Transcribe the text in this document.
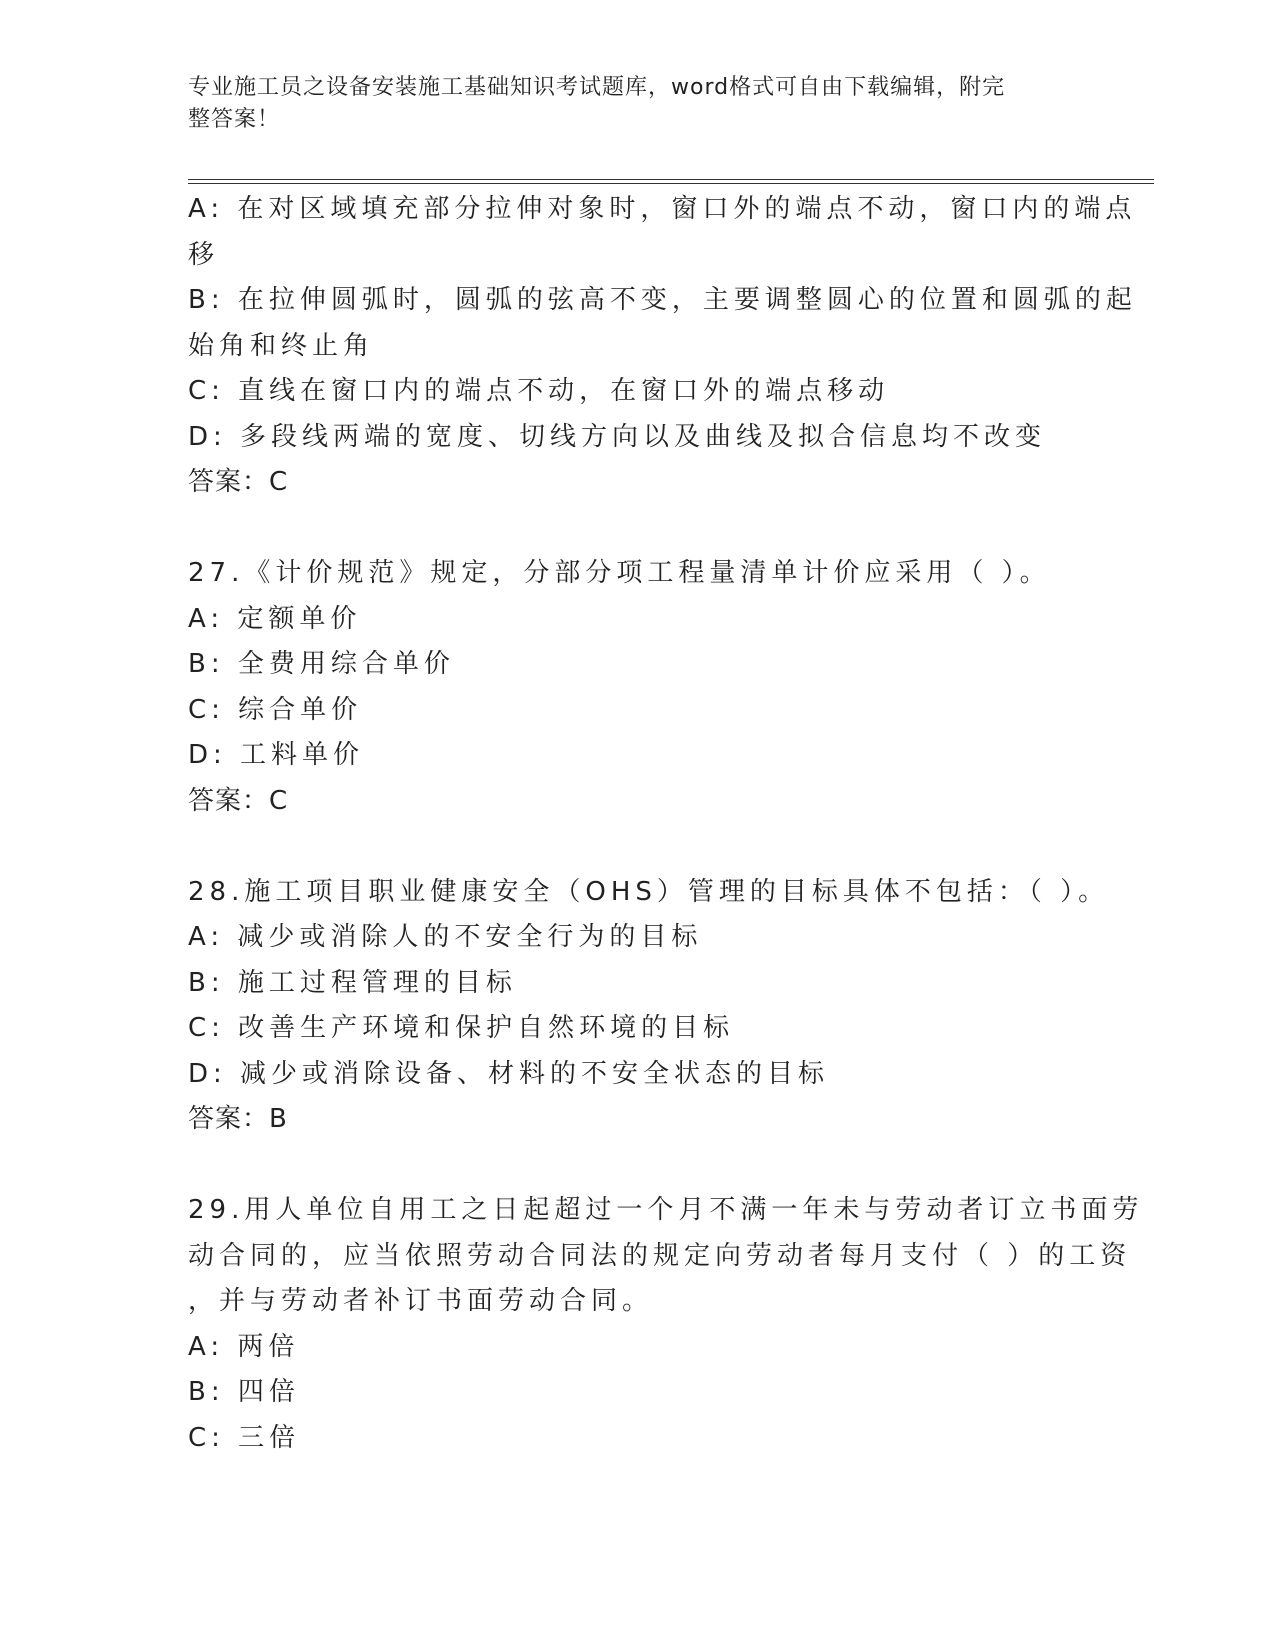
专业施工员之设备安装施工基础知识考试题库，word格式可自由下载编辑，附完
整答案！
A: 在对区域填充部分拉伸对象时，窗口外的端点不动，窗口内的端点
移
B: 在拉伸圆弧时，圆弧的弦高不变，主要调整圆心的位置和圆弧的起
始角和终止角
C: 直线在窗口内的端点不动，在窗口外的端点移动
D: 多段线两端的宽度、切线方向以及曲线及拟合信息均不改变
答案：C
27.《计价规范》规定，分部分项工程量清单计价应采用（ ）。
A: 定额单价
B: 全费用综合单价
C: 综合单价
D: 工料单价
答案：C
28.施工项目职业健康安全（OHS）管理的目标具体不包括：（ ）。
A: 减少或消除人的不安全行为的目标
B: 施工过程管理的目标
C: 改善生产环境和保护自然环境的目标
D: 减少或消除设备、材料的不安全状态的目标
答案：B
29.用人单位自用工之日起超过一个月不满一年未与劳动者订立书面劳
动合同的，应当依照劳动合同法的规定向劳动者每月支付（ ）的工资
，并与劳动者补订书面劳动合同。
A: 两倍
B: 四倍
C: 三倍
